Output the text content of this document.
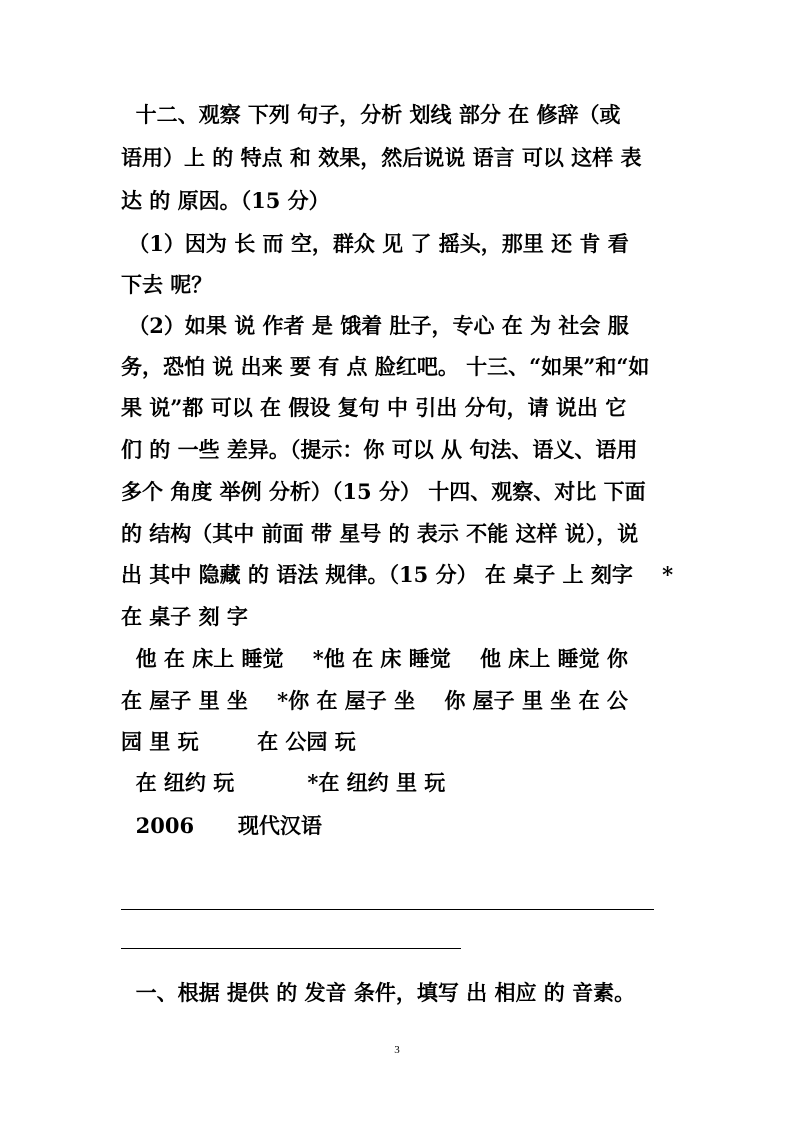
十二、观察 下列 句子，分析 划线 部分 在 修辞（或
语用）上 的 特点 和 效果，然后说说 语言 可以 这样 表
达 的 原因。（15 分）
（1）因为 长 而 空，群众 见 了 摇头，那里 还 肯 看
下去 呢？
（2）如果 说 作者 是 饿着 肚子，专心 在 为 社会 服
务，恐怕 说 出来 要 有 点 脸红吧。 十三、“如果”和“如
果 说”都 可以 在 假设 复句 中 引出 分句，请 说出 它
们 的 一些 差异。（提示：你 可以 从 句法、语义、语用
多个 角度 举例 分析）（15 分） 十四、观察、对比 下面
的 结构（其中 前面 带 星号 的 表示 不能 这样 说），说
出 其中 隐藏 的 语法 规律。（15 分） 在 桌子 上 刻字    *
在 桌子 刻 字
他 在 床上 睡觉    *他 在 床 睡觉    他 床上 睡觉 你
在 屋子 里 坐    *你 在 屋子 坐    你 屋子 里 坐 在 公
园 里 玩        在 公园 玩
在 纽约 玩          *在 纽约 里 玩
2006      现代汉语
一、根据 提供 的 发音 条件，填写 出 相应 的 音素。
3
